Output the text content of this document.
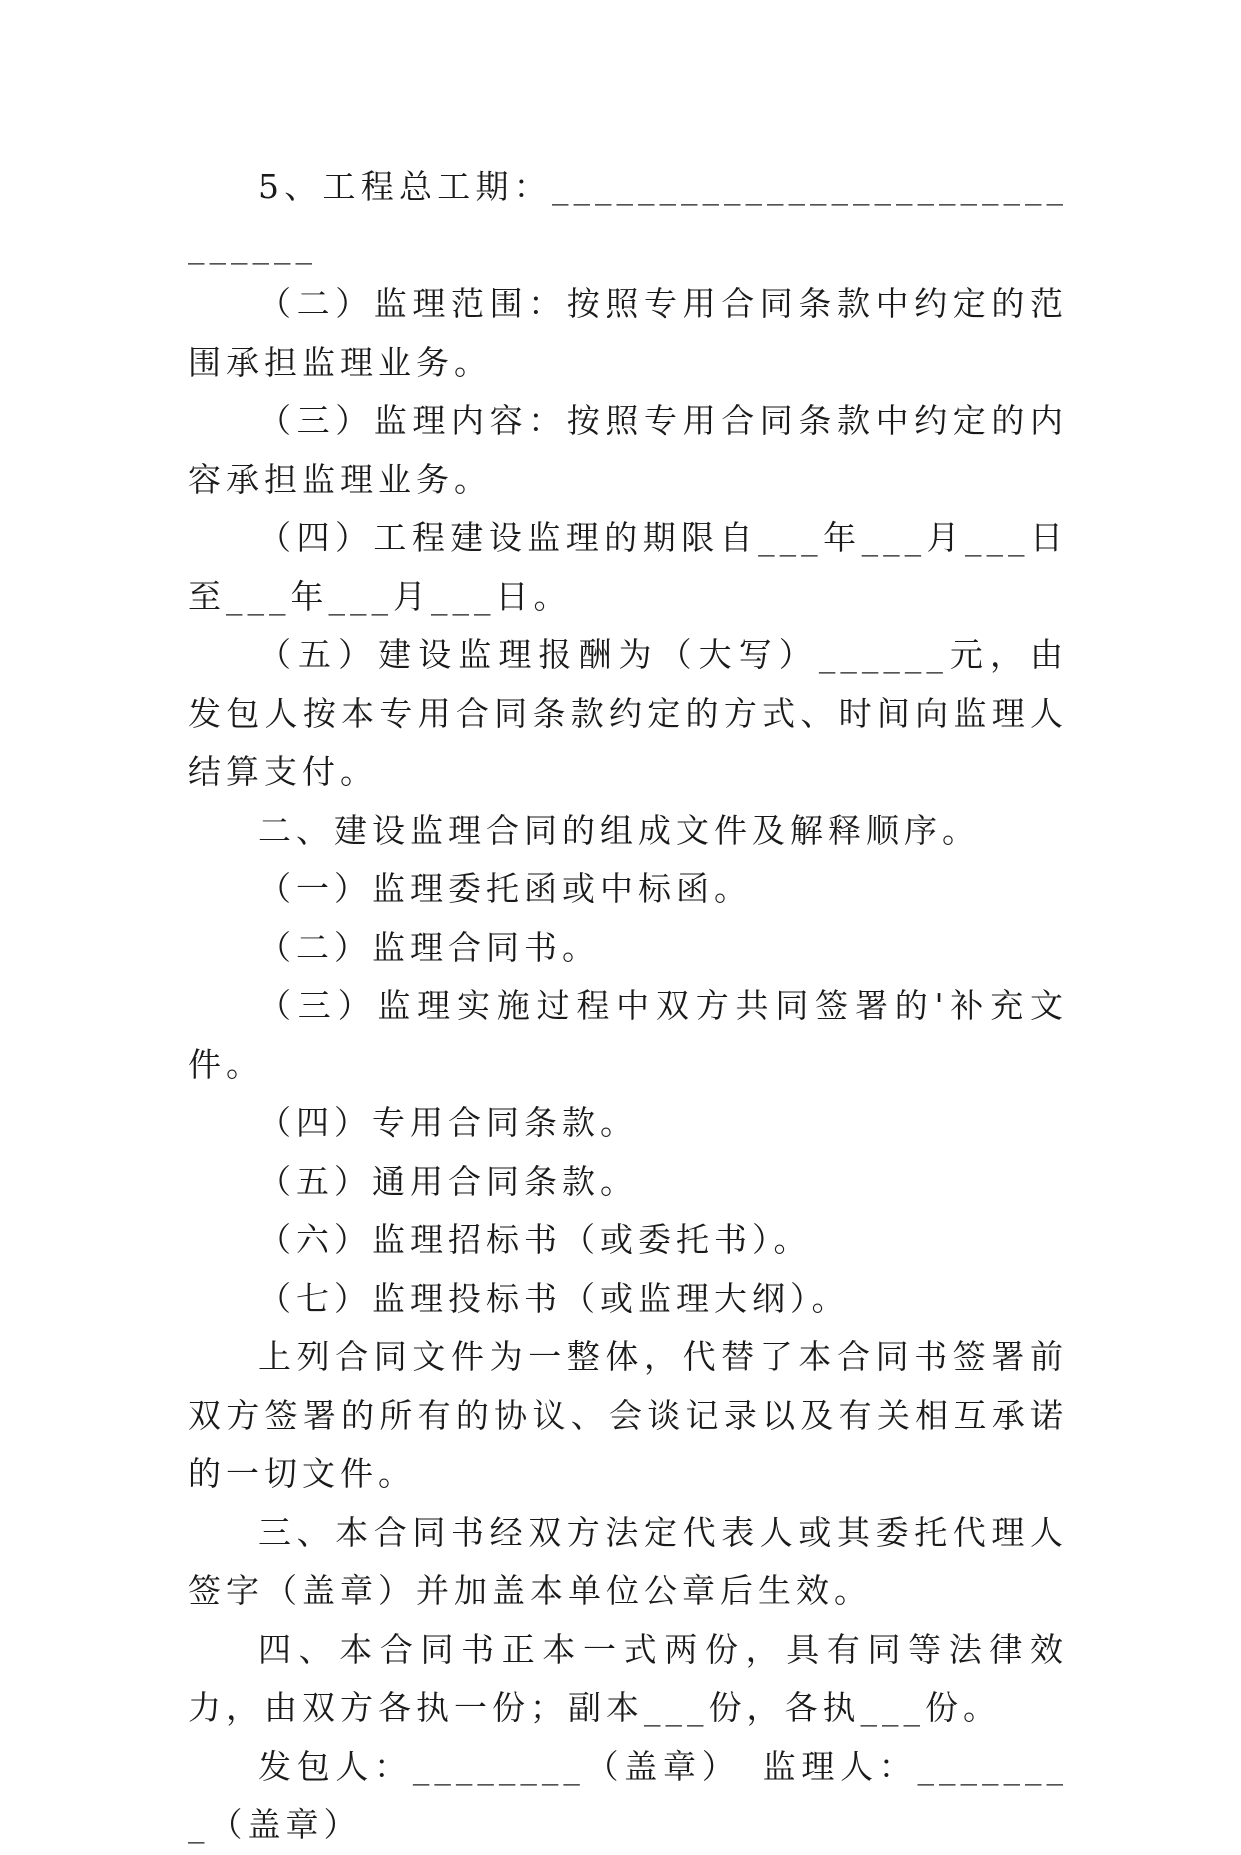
5、工程总工期：______________________________

（二）监理范围：按照专用合同条款中约定的范围承担监理业务。

（三）监理内容：按照专用合同条款中约定的内容承担监理业务。

（四）工程建设监理的期限自___年___月___日至___年___月___日。

（五）建设监理报酬为（大写）______元，由发包人按本专用合同条款约定的方式、时间向监理人结算支付。

二、建设监理合同的组成文件及解释顺序。

（一）监理委托函或中标函。

（二）监理合同书。

（三）监理实施过程中双方共同签署的'补充文件。

（四）专用合同条款。

（五）通用合同条款。

（六）监理招标书（或委托书）。

（七）监理投标书（或监理大纲）。

上列合同文件为一整体，代替了本合同书签署前双方签署的所有的协议、会谈记录以及有关相互承诺的一切文件。

三、本合同书经双方法定代表人或其委托代理人签字（盖章）并加盖本单位公章后生效。

四、本合同书正本一式两份，具有同等法律效力，由双方各执一份；副本___份，各执___份。

发包人：________（盖章）　监理人：________（盖章）
